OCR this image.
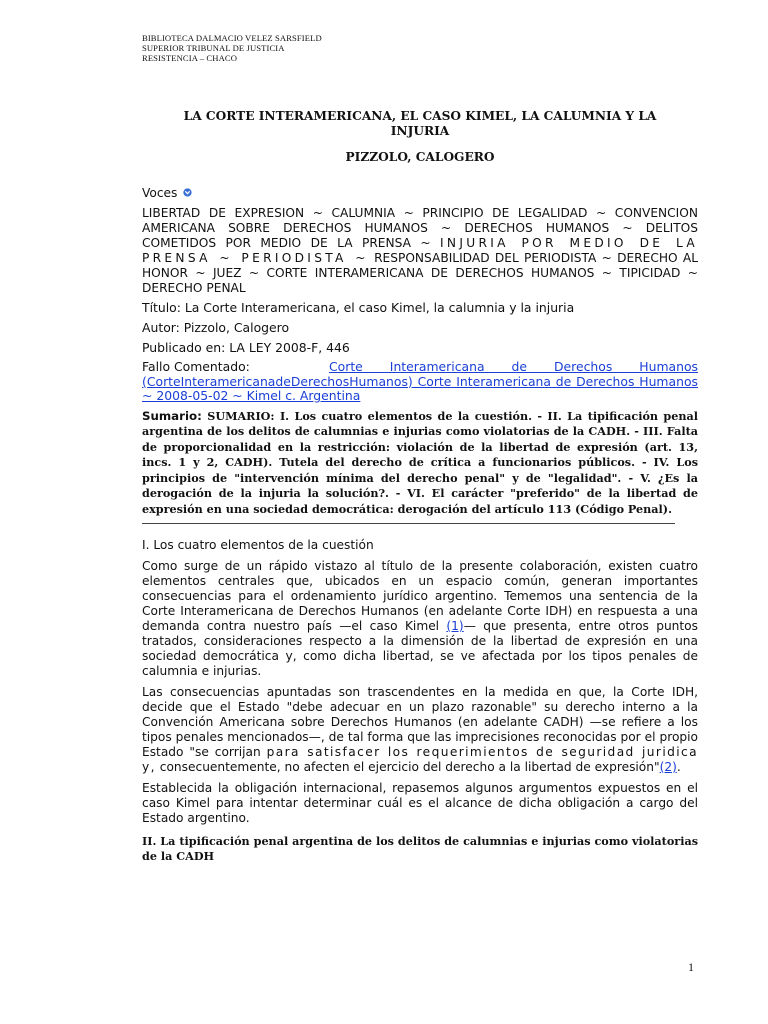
BIBLIOTECA DALMACIO VELEZ SARSFIELD
SUPERIOR TRIBUNAL DE JUSTICIA
RESISTENCIA – CHACO
LA CORTE INTERAMERICANA, EL CASO KIMEL, LA CALUMNIA Y LA
INJURIA
PIZZOLO, CALOGERO
Voces
LIBERTAD DE EXPRESION ~ CALUMNIA ~ PRINCIPIO DE LEGALIDAD ~ CONVENCION AMERICANA SOBRE DERECHOS HUMANOS ~ DERECHOS HUMANOS ~ DELITOS COMETIDOS POR MEDIO DE LA PRENSA ~ INJURIA POR MEDIO DE LA PRENSA ~ PERIODISTA ~ RESPONSABILIDAD DEL PERIODISTA ~ DERECHO AL HONOR ~ JUEZ ~ CORTE INTERAMERICANA DE DERECHOS HUMANOS ~ TIPICIDAD ~ DERECHO PENAL
Título: La Corte Interamericana, el caso Kimel, la calumnia y la injuria
Autor: Pizzolo, Calogero
Publicado en: LA LEY 2008-F, 446
Fallo Comentado:	Corte Interamericana de Derechos Humanos (CorteInteramericanadeDerechosHumanos) Corte Interamericana de Derechos Humanos ~ 2008-05-02 ~ Kimel c. Argentina
Sumario: SUMARIO: I. Los cuatro elementos de la cuestión. - II. La tipificación penal argentina de los delitos de calumnias e injurias como violatorias de la CADH. - III. Falta de proporcionalidad en la restricción: violación de la libertad de expresión (art. 13, incs. 1 y 2, CADH). Tutela del derecho de crítica a funcionarios públicos. - IV. Los principios de "intervención mínima del derecho penal" y de "legalidad". - V. ¿Es la derogación de la injuria la solución?. - VI. El carácter "preferido" de la libertad de expresión en una sociedad democrática: derogación del artículo 113 (Código Penal).
I. Los cuatro elementos de la cuestión
Como surge de un rápido vistazo al título de la presente colaboración, existen cuatro elementos centrales que, ubicados en un espacio común, generan importantes consecuencias para el ordenamiento jurídico argentino. Tememos una sentencia de la Corte Interamericana de Derechos Humanos (en adelante Corte IDH) en respuesta a una demanda contra nuestro país —el caso Kimel (1)— que presenta, entre otros puntos tratados, consideraciones respecto a la dimensión de la libertad de expresión en una sociedad democrática y, como dicha libertad, se ve afectada por los tipos penales de calumnia e injurias.
Las consecuencias apuntadas son trascendentes en la medida en que, la Corte IDH, decide que el Estado "debe adecuar en un plazo razonable" su derecho interno a la Convención Americana sobre Derechos Humanos (en adelante CADH) —se refiere a los tipos penales mencionados—, de tal forma que las imprecisiones reconocidas por el propio Estado "se corrijan para satisfacer los requerimientos de seguridad juridica y, consecuentemente, no afecten el ejercicio del derecho a la libertad de expresión"(2).
Establecida la obligación internacional, repasemos algunos argumentos expuestos en el caso Kimel para intentar determinar cuál es el alcance de dicha obligación a cargo del Estado argentino.
II. La tipificación penal argentina de los delitos de calumnias e injurias como violatorias de la CADH
1
